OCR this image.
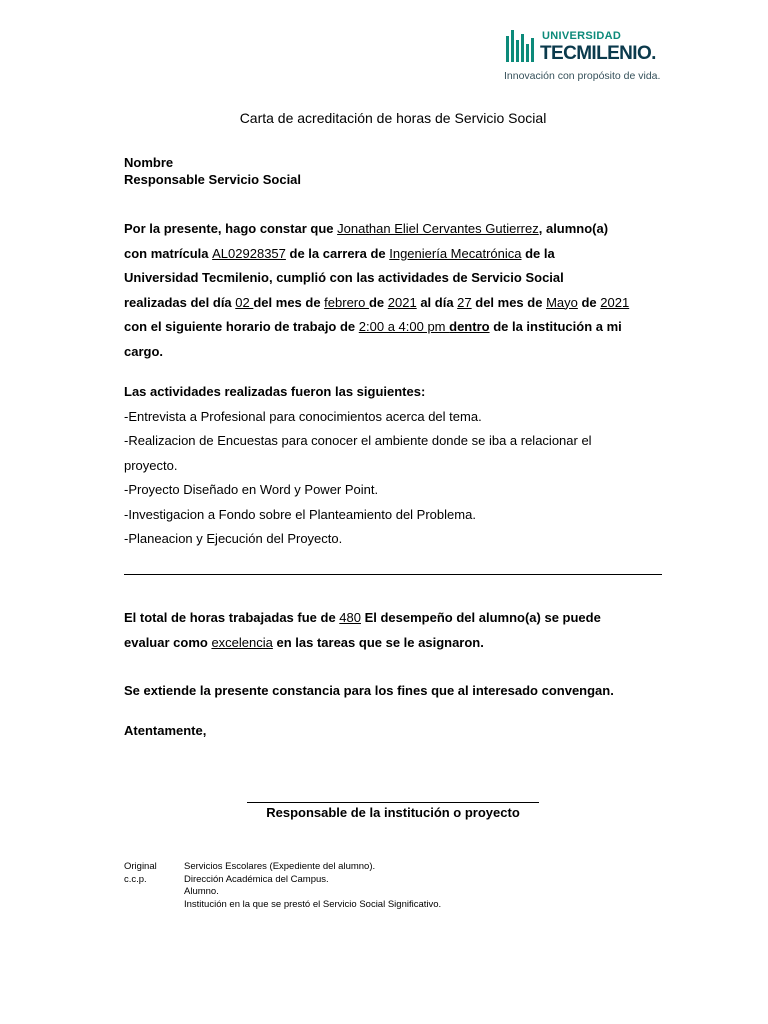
UNIVERSIDAD
TECMILENIO.
Innovación con propósito de vida.
Carta de acreditación de horas de Servicio Social
Nombre
Responsable Servicio Social
Por la presente, hago constar que Jonathan Eliel Cervantes Gutierrez, alumno(a)
con matrícula AL02928357 de la carrera de Ingeniería Mecatrónica de la
Universidad Tecmilenio, cumplió con las actividades de Servicio Social
realizadas del día 02 del mes de febrero de 2021 al día 27 del mes de Mayo de 2021
con el siguiente horario de trabajo de 2:00 a 4:00 pm dentro de la institución a mi
cargo.
Las actividades realizadas fueron las siguientes:
-Entrevista a Profesional para conocimientos acerca del tema.
-Realizacion de Encuestas para conocer el ambiente donde se iba a relacionar el
proyecto.
-Proyecto Diseñado en Word y Power Point.
-Investigacion a Fondo sobre el Planteamiento del Problema.
-Planeacion y Ejecución del Proyecto.
El total de horas trabajadas fue de 480 El desempeño del alumno(a) se puede
evaluar como excelencia en las tareas que se le asignaron.
Se extiende la presente constancia para los fines que al interesado convengan.
Atentamente,
Responsable de la institución o proyecto
Original
c.c.p.
Servicios Escolares (Expediente del alumno).
Dirección Académica del Campus.
Alumno.
Institución en la que se prestó el Servicio Social Significativo.
